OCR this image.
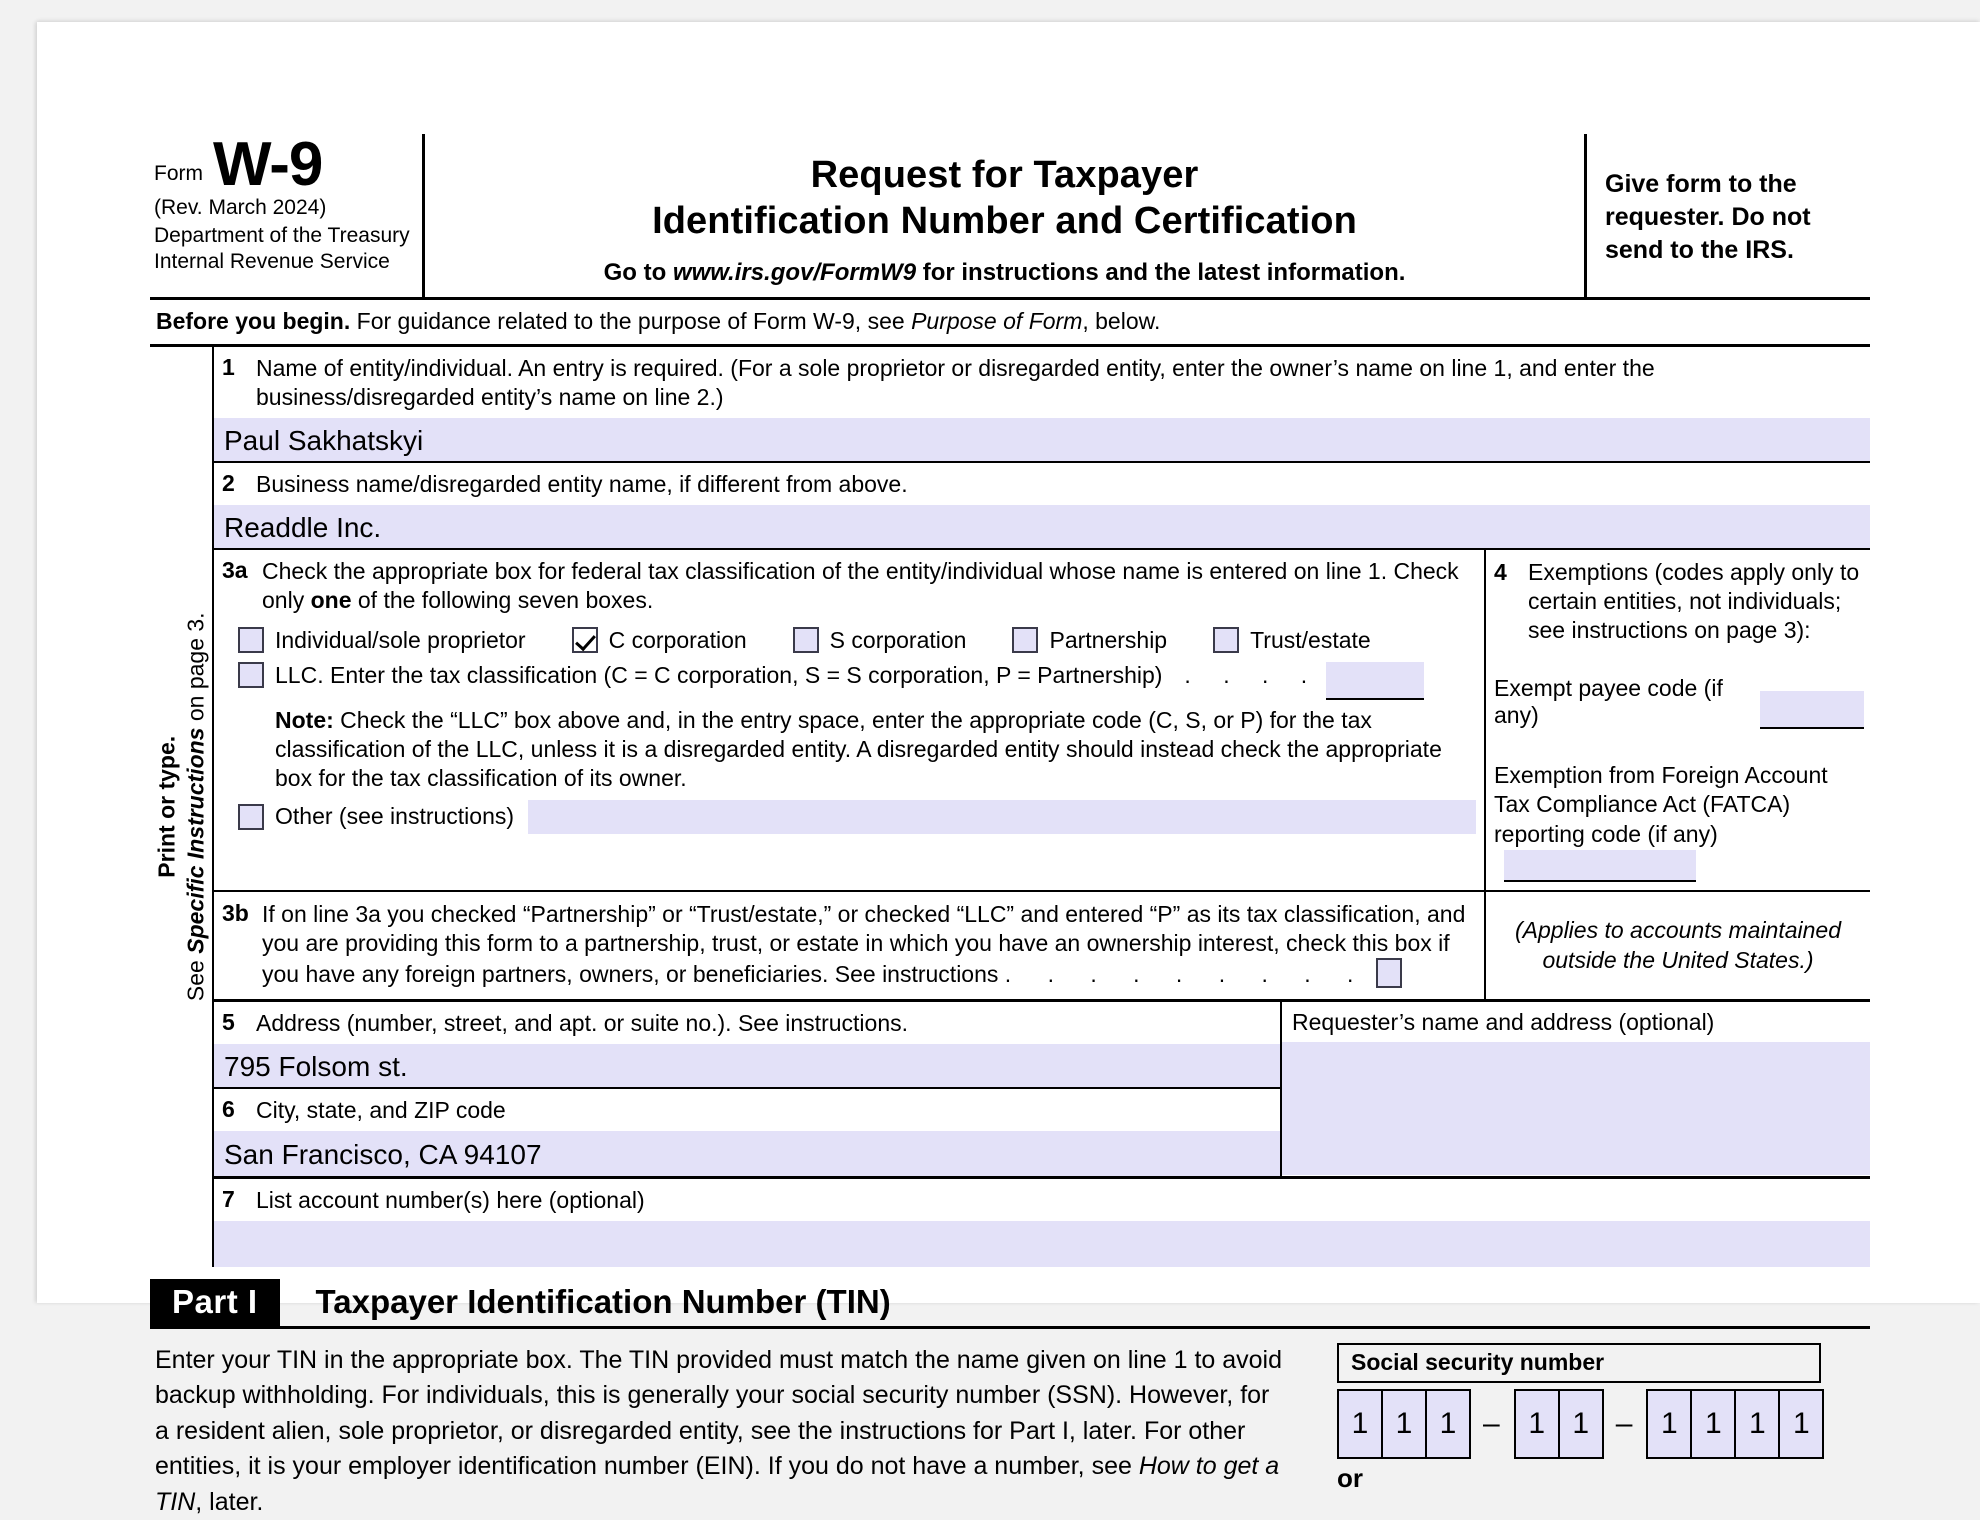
Form W-9
(Rev. March 2024)
Department of the Treasury
Internal Revenue Service
Request for Taxpayer
Identification Number and Certification
Go to www.irs.gov/FormW9 for instructions and the latest information.
Give form to the requester. Do not send to the IRS.
Before you begin. For guidance related to the purpose of Form W-9, see Purpose of Form, below.
Print or type.
See Specific Instructions on page 3.
1 Name of entity/individual. An entry is required. (For a sole proprietor or disregarded entity, enter the owner’s name on line 1, and enter the business/disregarded entity’s name on line 2.)
Paul Sakhatskyi
2 Business name/disregarded entity name, if different from above.
Readdle Inc.
3a Check the appropriate box for federal tax classification of the entity/individual whose name is entered on line 1. Check only one of the following seven boxes.
Individual/sole proprietor	C corporation	S corporation	Partnership	Trust/estate
LLC. Enter the tax classification (C = C corporation, S = S corporation, P = Partnership) . . . .
Note: Check the “LLC” box above and, in the entry space, enter the appropriate code (C, S, or P) for the tax classification of the LLC, unless it is a disregarded entity. A disregarded entity should instead check the appropriate box for the tax classification of its owner.
Other (see instructions)
4 Exemptions (codes apply only to certain entities, not individuals; see instructions on page 3):
Exempt payee code (if any)
Exemption from Foreign Account Tax Compliance Act (FATCA) reporting code (if any)
3b If on line 3a you checked “Partnership” or “Trust/estate,” or checked “LLC” and entered “P” as its tax classification, and you are providing this form to a partnership, trust, or estate in which you have an ownership interest, check this box if you have any foreign partners, owners, or beneficiaries. See instructions . . . . . . . . .
(Applies to accounts maintained outside the United States.)
5 Address (number, street, and apt. or suite no.). See instructions.
795 Folsom st.
6 City, state, and ZIP code
San Francisco, CA 94107
Requester’s name and address (optional)
7 List account number(s) here (optional)
Part I	Taxpayer Identification Number (TIN)
Enter your TIN in the appropriate box. The TIN provided must match the name given on line 1 to avoid backup withholding. For individuals, this is generally your social security number (SSN). However, for a resident alien, sole proprietor, or disregarded entity, see the instructions for Part I, later. For other entities, it is your employer identification number (EIN). If you do not have a number, see How to get a TIN, later.
Social security number
1 1 1 – 1 1 – 1 1 1 1
or
